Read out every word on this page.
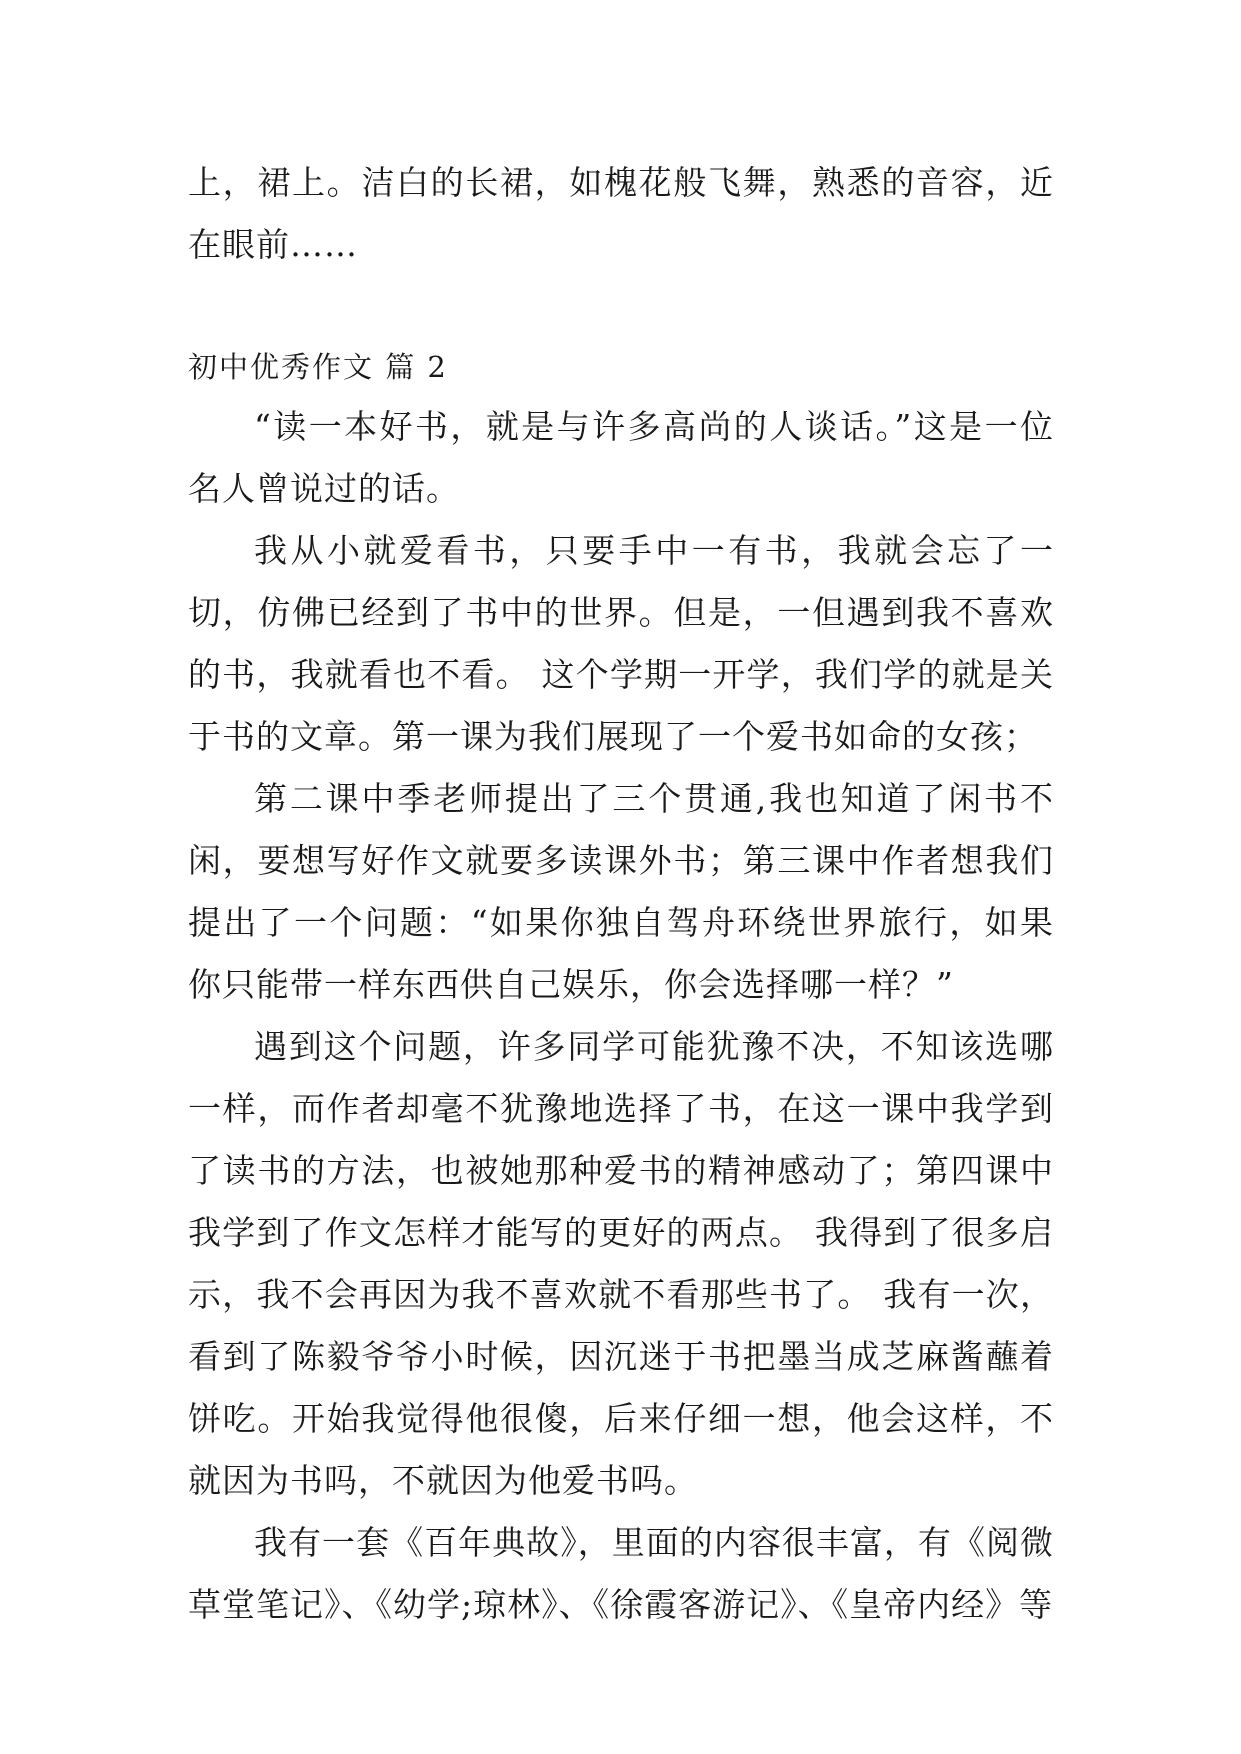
上，裙上。洁白的长裙，如槐花般飞舞，熟悉的音容，近在眼前……

初中优秀作文 篇 2

“读一本好书，就是与许多高尚的人谈话。”这是一位名人曾说过的话。

我从小就爱看书，只要手中一有书，我就会忘了一切，仿佛已经到了书中的世界。但是，一但遇到我不喜欢的书，我就看也不看。 这个学期一开学，我们学的就是关于书的文章。第一课为我们展现了一个爱书如命的女孩；

第二课中季老师提出了三个贯通,我也知道了闲书不闲，要想写好作文就要多读课外书；第三课中作者想我们提出了一个问题：“如果你独自驾舟环绕世界旅行，如果你只能带一样东西供自己娱乐，你会选择哪一样？”

遇到这个问题，许多同学可能犹豫不决，不知该选哪一样，而作者却毫不犹豫地选择了书，在这一课中我学到了读书的方法，也被她那种爱书的精神感动了；第四课中我学到了作文怎样才能写的更好的两点。 我得到了很多启示，我不会再因为我不喜欢就不看那些书了。 我有一次，看到了陈毅爷爷小时候，因沉迷于书把墨当成芝麻酱蘸着饼吃。开始我觉得他很傻，后来仔细一想，他会这样，不就因为书吗，不就因为他爱书吗。

我有一套《百年典故》，里面的内容很丰富，有《阅微草堂笔记》、《幼学;琼林》、《徐霞客游记》、《皇帝内经》等
